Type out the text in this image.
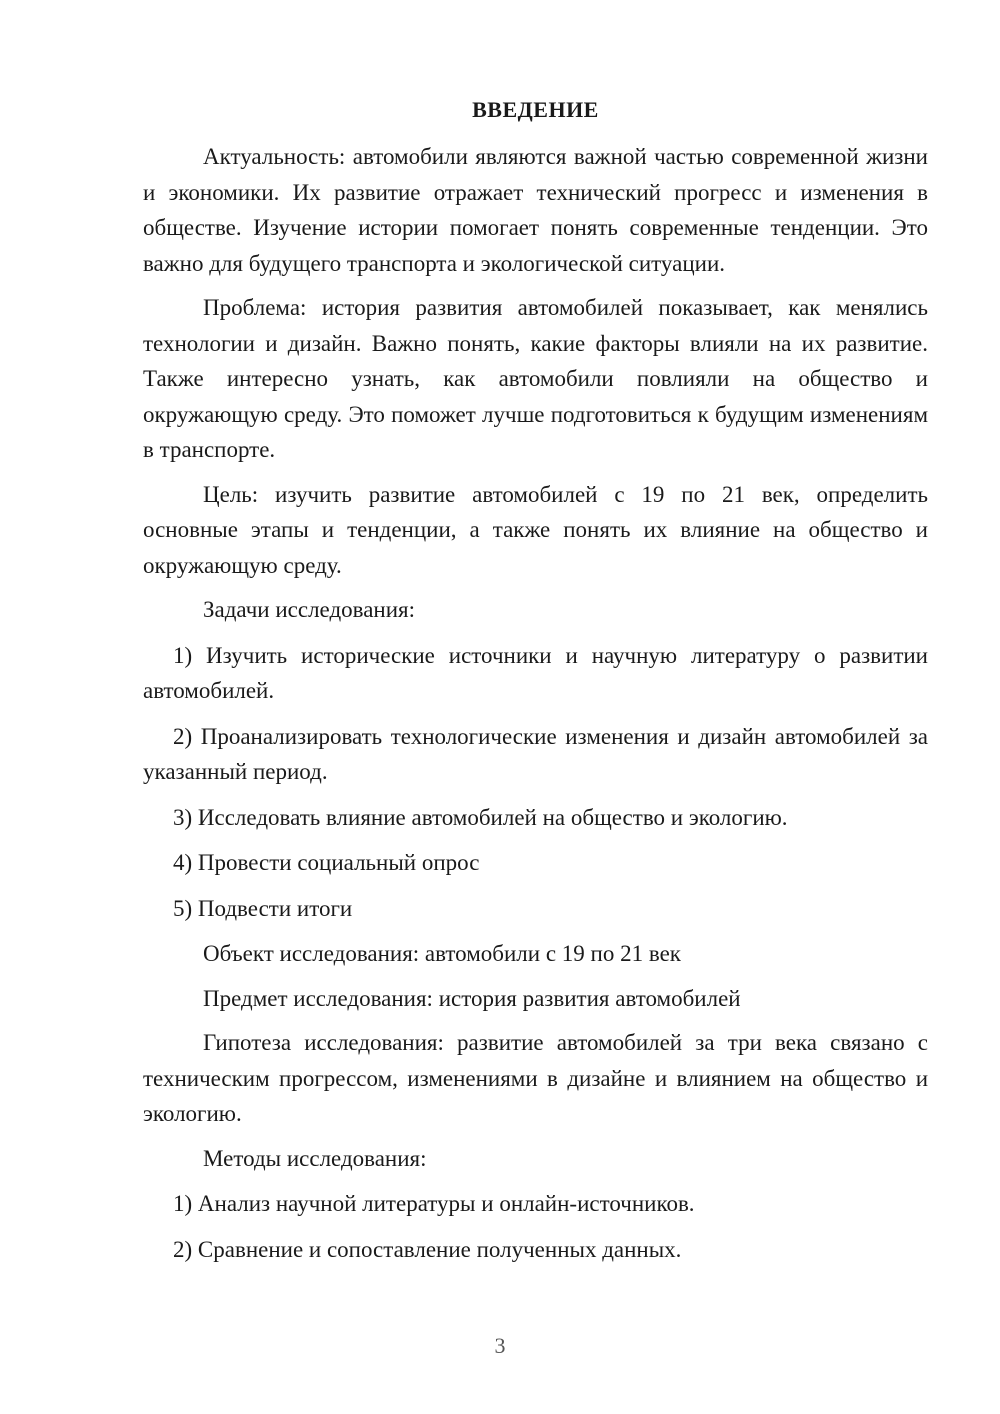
ВВЕДЕНИЕ

Актуальность: автомобили являются важной частью современной жизни и экономики. Их развитие отражает технический прогресс и изменения в обществе. Изучение истории помогает понять современные тенденции. Это важно для будущего транспорта и экологической ситуации.

Проблема: история развития автомобилей показывает, как менялись технологии и дизайн. Важно понять, какие факторы влияли на их развитие. Также интересно узнать, как автомобили повлияли на общество и окружающую среду. Это поможет лучше подготовиться к будущим изменениям в транспорте.

Цель: изучить развитие автомобилей с 19 по 21 век, определить основные этапы и тенденции, а также понять их влияние на общество и окружающую среду.

Задачи исследования:

1) Изучить исторические источники и научную литературу о развитии автомобилей.

2) Проанализировать технологические изменения и дизайн автомобилей за указанный период.

3) Исследовать влияние автомобилей на общество и экологию.

4) Провести социальный опрос

5) Подвести итоги

Объект исследования: автомобили с 19 по 21 век

Предмет исследования: история развития автомобилей

Гипотеза исследования: развитие автомобилей за три века связано с техническим прогрессом, изменениями в дизайне и влиянием на общество и экологию.

Методы исследования:

1) Анализ научной литературы и онлайн-источников.

2) Сравнение и сопоставление полученных данных.

3
